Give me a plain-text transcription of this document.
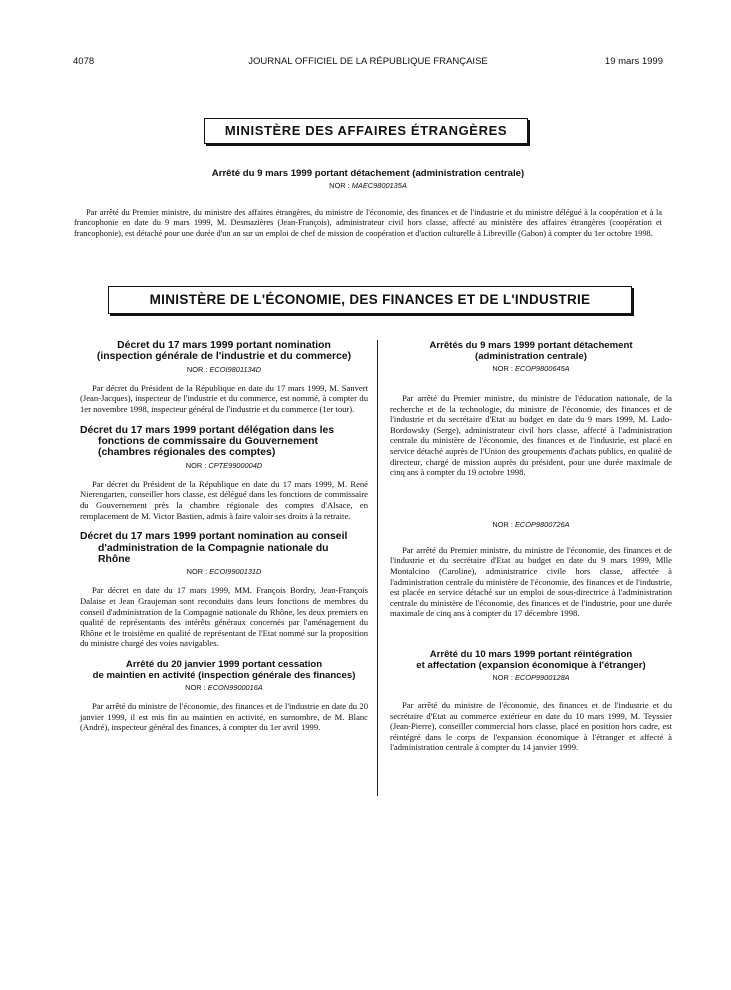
4078	JOURNAL OFFICIEL DE LA RÉPUBLIQUE FRANÇAISE	19 mars 1999
MINISTÈRE DES AFFAIRES ÉTRANGÈRES
Arrêté du 9 mars 1999 portant détachement (administration centrale)
NOR : MAEC9800135A

Par arrêté du Premier ministre, du ministre des affaires étrangères, du ministre de l'économie, des finances et de l'industrie et du ministre délégué à la coopération et à la francophonie en date du 9 mars 1999, M. Desmazières (Jean-François), administrateur civil hors classe, affecté au ministère des affaires étrangères (coopération et francophonie), est détaché pour une durée d'un an sur un emploi de chef de mission de coopération et d'action culturelle à Libreville (Gabon) à compter du 1er octobre 1998.

MINISTÈRE DE L'ÉCONOMIE, DES FINANCES ET DE L'INDUSTRIE
Décret du 17 mars 1999 portant nomination
(inspection générale de l'industrie et du commerce)
NOR : ECOI9801134D

Par décret du Président de la République en date du 17 mars 1999, M. Sanvert (Jean-Jacques), inspecteur de l'industrie et du commerce, est nommé, à compter du 1er novembre 1998, inspecteur général de l'industrie et du commerce (1er tour).

Décret du 17 mars 1999 portant délégation dans les
fonctions de commissaire du Gouvernement
(chambres régionales des comptes)
NOR : CPTE9900004D

Par décret du Président de la République en date du 17 mars 1999, M. René Nierengarten, conseiller hors classe, est délégué dans les fonctions de commissaire du Gouvernement près la chambre régionale des comptes d'Alsace, en remplacement de M. Victor Bastien, admis à faire valoir ses droits à la retraite.

Décret du 17 mars 1999 portant nomination au conseil
d'administration de la Compagnie nationale du
Rhône
NOR : ECOI9900131D

Par décret en date du 17 mars 1999, MM. François Bordry, Jean-François Dalaise et Jean Graujeman sont reconduits dans leurs fonctions de membres du conseil d'administration de la Compagnie nationale du Rhône, les deux premiers en qualité de représentants des intérêts généraux concernés par l'aménagement du Rhône et le troisième en qualité de représentant de l'Etat nommé sur la proposition du ministre chargé des voies navigables.

Arrêté du 20 janvier 1999 portant cessation
de maintien en activité (inspection générale des finances)
NOR : ECON9900016A

Par arrêté du ministre de l'économie, des finances et de l'industrie en date du 20 janvier 1999, il est mis fin au maintien en activité, en surnombre, de M. Blanc (André), inspecteur général des finances, à compter du 1er avril 1999.

Arrêtés du 9 mars 1999 portant détachement
(administration centrale)
NOR : ECOP9800645A

Par arrêté du Premier ministre, du ministre de l'éducation nationale, de la recherche et de la technologie, du ministre de l'économie, des finances et de l'industrie et du secrétaire d'Etat au budget en date du 9 mars 1999, M. Lado-Bordowsky (Serge), administrateur civil hors classe, affecté à l'administration centrale du ministère de l'économie, des finances et de l'industrie, est placé en service détaché auprès de l'Union des groupements d'achats publics, en qualité de directeur, chargé de mission auprès du président, pour une durée maximale de cinq ans à compter du 19 octobre 1998.

NOR : ECOP9800726A

Par arrêté du Premier ministre, du ministre de l'économie, des finances et de l'industrie et du secrétaire d'Etat au budget en date du 9 mars 1999, Mlle Montalcino (Caroline), administratrice civile hors classe, affectée à l'administration centrale du ministère de l'économie, des finances et de l'industrie, est placée en service détaché sur un emploi de sous-directrice à l'administration centrale du ministère de l'économie, des finances et de l'industrie, pour une durée maximale de cinq ans à compter du 17 décembre 1998.

Arrêté du 10 mars 1999 portant réintégration
et affectation (expansion économique à l'étranger)
NOR : ECOP9900128A

Par arrêté du ministre de l'économie, des finances et de l'industrie et du secrétaire d'Etat au commerce extérieur en date du 10 mars 1999, M. Teyssier (Jean-Pierre), conseiller commercial hors classe, placé en position hors cadre, est réintégré dans le corps de l'expansion économique à l'étranger et affecté à l'administration centrale à compter du 14 janvier 1999.
